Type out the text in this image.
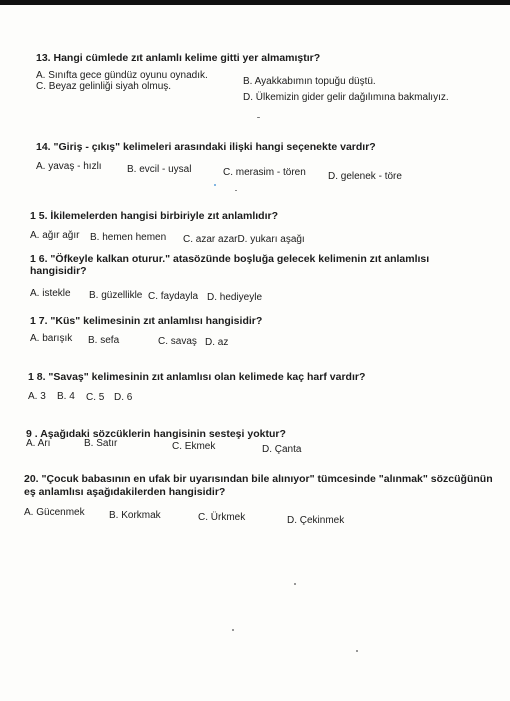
13. Hangi cümlede zıt anlamlı kelime gitti yer almamıştır?
A. Sınıfta gece gündüz oyunu oynadık.
B. Ayakkabımın topuğu düştü.
C. Beyaz gelinliği siyah olmuş.
D. Ülkemizin gider gelir dağılımına bakmalıyız.
14. "Giriş - çıkış" kelimeleri arasındaki ilişki hangi seçenekte vardır?
A. yavaş - hızlı	B. evcil - uysal	C. merasim - tören D. gelenek - töre
1 5. İkilemelerden hangisi birbiriyle zıt anlamlıdır?
A. ağır ağır B. hemen hemen C. azar azarD. yukarı aşağı
1 6. "Öfkeyle kalkan oturur." atasözünde boşluğa gelecek kelimenin zıt anlamlısı
hangisidir?
A. istekle B. güzellikle C. faydayla D. hediyeyle
1 7. "Küs" kelimesinin zıt anlamlısı hangisidir?
A. barışık B. sefa	C. savaş D. az
1 8. "Savaş" kelimesinin zıt anlamlısı olan kelimede kaç harf vardır?
A. 3 B. 4 C. 5 D. 6
9 . Aşağıdaki sözcüklerin hangisinin sesteşi yoktur?
A. Arı	B. Satır	C. Ekmek	D. Çanta
20. "Çocuk babasının en ufak bir uyarısından bile alınıyor" tümcesinde "alınmak" sözcüğünün
eş anlamlısı aşağıdakilerden hangisidir?
A. Gücenmek B. Korkmak	C. Ürkmek	D. Çekinmek
